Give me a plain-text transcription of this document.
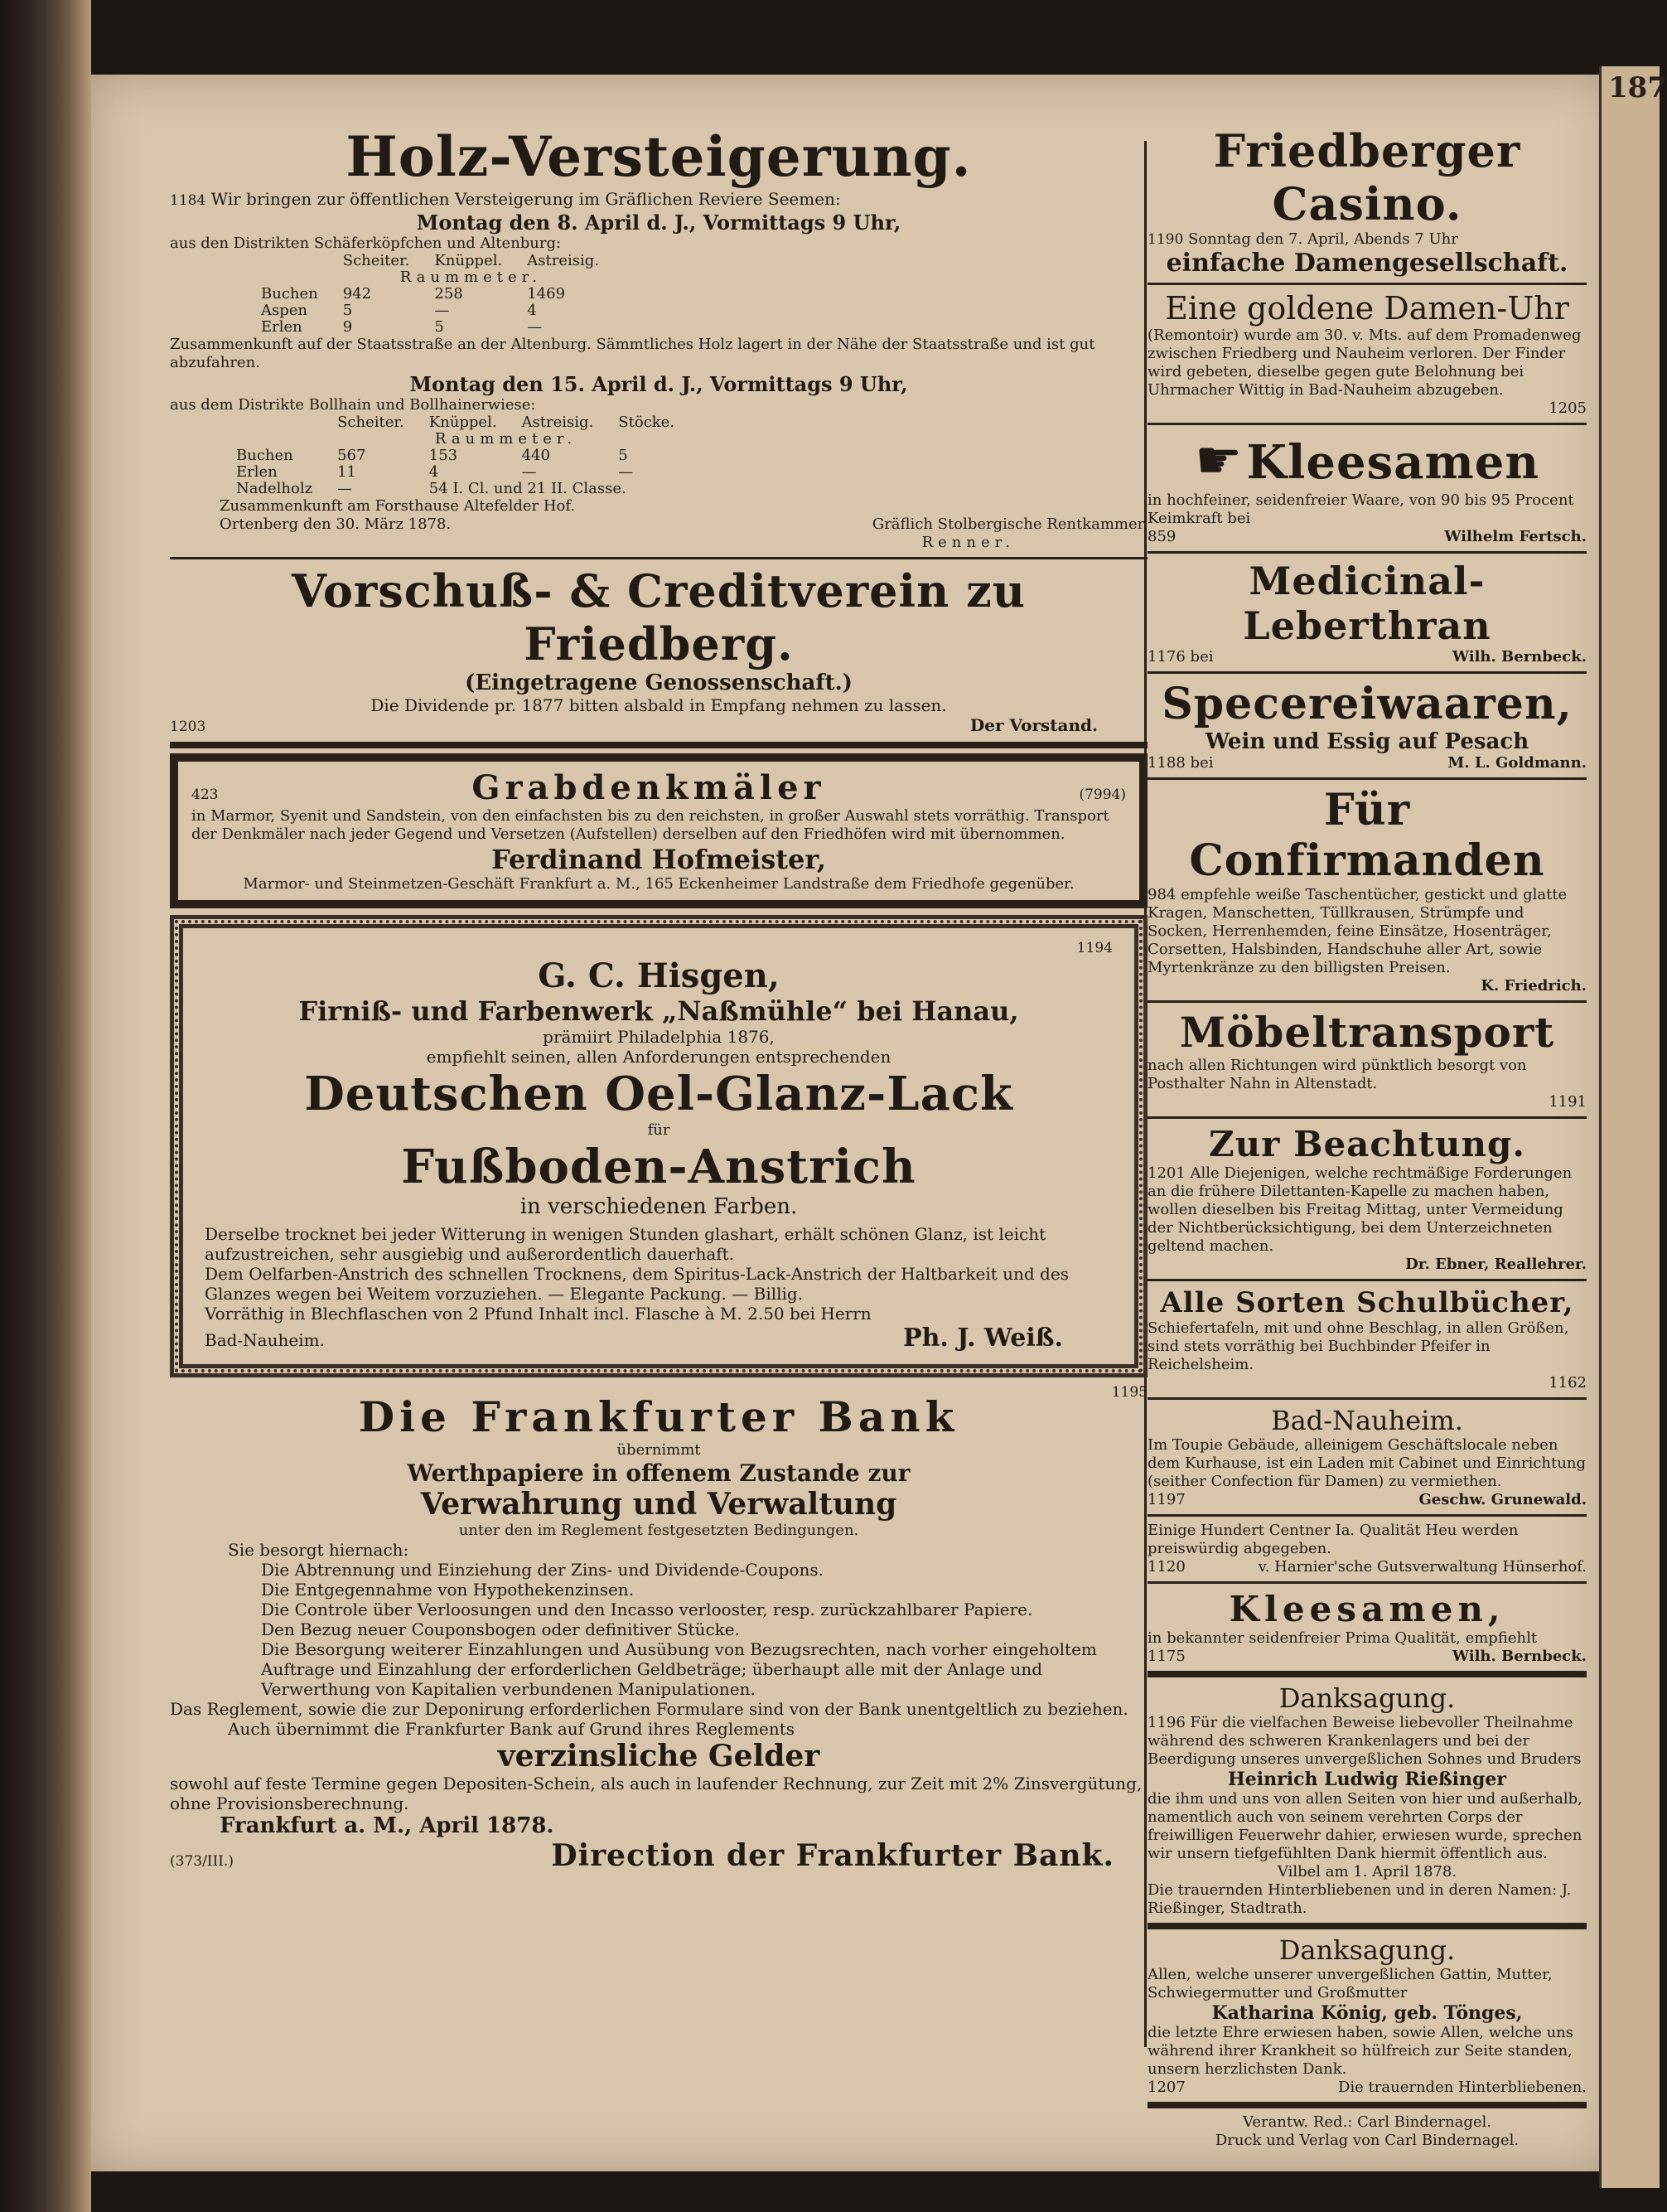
187
Holz-Versteigerung.
1184 Wir bringen zur öffentlichen Versteigerung im Gräflichen Reviere Seemen:
Montag den 8. April d. J., Vormittags 9 Uhr,
aus den Distrikten Schäferköpfchen und Altenburg:
	Scheiter.	Knüppel.	Astreisig.
	Raummeter.		
Buchen	942	258	1469
Aspen	5	—	4
Erlen	9	5	—
Zusammenkunft auf der Staatsstraße an der Altenburg. Sämmtliches Holz lagert in der Nähe der Staatsstraße und ist gut abzufahren.
Montag den 15. April d. J., Vormittags 9 Uhr,
aus dem Distrikte Bollhain und Bollhainerwiese:
	Scheiter.	Knüppel.	Astreisig.	Stöcke.
	Raummeter.			
Buchen	567	153	440	5
Erlen	11	4	—	—
Nadelholz	—	54 I. Cl. und 21 II. Classe.		
Zusammenkunft am Forsthause Altefelder Hof.
Ortenberg den 30. März 1878.	Gräflich Stolbergische Rentkammer.
Renner.
Vorschuß- & Creditverein zu Friedberg.
(Eingetragene Genossenschaft.)
Die Dividende pr. 1877 bitten alsbald in Empfang nehmen zu lassen.
1203	Der Vorstand.
423	Grabdenkmäler	(7994)
in Marmor, Syenit und Sandstein, von den einfachsten bis zu den reichsten, in großer Auswahl stets vorräthig. Transport der Denkmäler nach jeder Gegend und Versetzen (Aufstellen) derselben auf den Friedhöfen wird mit übernommen.
Ferdinand Hofmeister,
Marmor- und Steinmetzen-Geschäft Frankfurt a. M., 165 Eckenheimer Landstraße dem Friedhofe gegenüber.
1194
G. C. Hisgen,
Firniß- und Farbenwerk „Naßmühle“ bei Hanau,
prämiirt Philadelphia 1876,
empfiehlt seinen, allen Anforderungen entsprechenden
Deutschen Oel-Glanz-Lack
für
Fußboden-Anstrich
in verschiedenen Farben.
Derselbe trocknet bei jeder Witterung in wenigen Stunden glashart, erhält schönen Glanz, ist leicht aufzustreichen, sehr ausgiebig und außerordentlich dauerhaft.
Dem Oelfarben-Anstrich des schnellen Trocknens, dem Spiritus-Lack-Anstrich der Haltbarkeit und des Glanzes wegen bei Weitem vorzuziehen. — Elegante Packung. — Billig.
Vorräthig in Blechflaschen von 2 Pfund Inhalt incl. Flasche à M. 2.50 bei Herrn
Bad-Nauheim.	Ph. J. Weiß.
1195
Die Frankfurter Bank
übernimmt
Werthpapiere in offenem Zustande zur
Verwahrung und Verwaltung
unter den im Reglement festgesetzten Bedingungen.
Sie besorgt hiernach:
Die Abtrennung und Einziehung der Zins- und Dividende-Coupons.
Die Entgegennahme von Hypothekenzinsen.
Die Controle über Verloosungen und den Incasso verlooster, resp. zurückzahlbarer Papiere.
Den Bezug neuer Couponsbogen oder definitiver Stücke.
Die Besorgung weiterer Einzahlungen und Ausübung von Bezugsrechten, nach vorher eingeholtem Auftrage und Einzahlung der erforderlichen Geldbeträge; überhaupt alle mit der Anlage und Verwerthung von Kapitalien verbundenen Manipulationen.
Das Reglement, sowie die zur Deponirung erforderlichen Formulare sind von der Bank unentgeltlich zu beziehen.
Auch übernimmt die Frankfurter Bank auf Grund ihres Reglements
verzinsliche Gelder
sowohl auf feste Termine gegen Depositen-Schein, als auch in laufender Rechnung, zur Zeit mit 2% Zinsvergütung, ohne Provisionsberechnung.
Frankfurt a. M., April 1878.
(373/III.)	Direction der Frankfurter Bank.
Friedberger Casino.
1190 Sonntag den 7. April, Abends 7 Uhr
einfache Damengesellschaft.
Eine goldene Damen-Uhr
(Remontoir) wurde am 30. v. Mts. auf dem Promadenweg zwischen Friedberg und Nauheim verloren. Der Finder wird gebeten, dieselbe gegen gute Belohnung bei Uhrmacher Wittig in Bad-Nauheim abzugeben.
1205
☛ Kleesamen
in hochfeiner, seidenfreier Waare, von 90 bis 95 Procent Keimkraft bei
859	Wilhelm Fertsch.
Medicinal-Leberthran
1176 bei	Wilh. Bernbeck.
Specereiwaaren,
Wein und Essig auf Pesach
1188 bei	M. L. Goldmann.
Für Confirmanden
984 empfehle weiße Taschentücher, gestickt und glatte Kragen, Manschetten, Tüllkrausen, Strümpfe und Socken, Herrenhemden, feine Einsätze, Hosenträger, Corsetten, Halsbinden, Handschuhe aller Art, sowie Myrtenkränze zu den billigsten Preisen.
K. Friedrich.
Möbeltransport
nach allen Richtungen wird pünktlich besorgt von Posthalter Nahn in Altenstadt.
1191
Zur Beachtung.
1201 Alle Diejenigen, welche rechtmäßige Forderungen an die frühere Dilettanten-Kapelle zu machen haben, wollen dieselben bis Freitag Mittag, unter Vermeidung der Nichtberücksichtigung, bei dem Unterzeichneten geltend machen.
Dr. Ebner, Reallehrer.
Alle Sorten Schulbücher,
Schiefertafeln, mit und ohne Beschlag, in allen Größen, sind stets vorräthig bei Buchbinder Pfeifer in Reichelsheim.
1162
Bad-Nauheim.
Im Toupie Gebäude, alleinigem Geschäftslocale neben dem Kurhause, ist ein Laden mit Cabinet und Einrichtung (seither Confection für Damen) zu vermiethen.
1197	Geschw. Grunewald.
Einige Hundert Centner Ia. Qualität Heu werden preiswürdig abgegeben.
1120	v. Harnier'sche Gutsverwaltung Hünserhof.
Kleesamen,
in bekannter seidenfreier Prima Qualität, empfiehlt
1175	Wilh. Bernbeck.
Danksagung.
1196 Für die vielfachen Beweise liebevoller Theilnahme während des schweren Krankenlagers und bei der Beerdigung unseres unvergeßlichen Sohnes und Bruders
Heinrich Ludwig Rießinger
die ihm und uns von allen Seiten von hier und außerhalb, namentlich auch von seinem verehrten Corps der freiwilligen Feuerwehr dahier, erwiesen wurde, sprechen wir unsern tiefgefühlten Dank hiermit öffentlich aus.
Vilbel am 1. April 1878.
Die trauernden Hinterbliebenen und in deren Namen: J. Rießinger, Stadtrath.
Danksagung.
Allen, welche unserer unvergeßlichen Gattin, Mutter, Schwiegermutter und Großmutter
Katharina König, geb. Tönges,
die letzte Ehre erwiesen haben, sowie Allen, welche uns während ihrer Krankheit so hülfreich zur Seite standen, unsern herzlichsten Dank.
1207	Die trauernden Hinterbliebenen.
Verantw. Red.: Carl Bindernagel.
Druck und Verlag von Carl Bindernagel.
